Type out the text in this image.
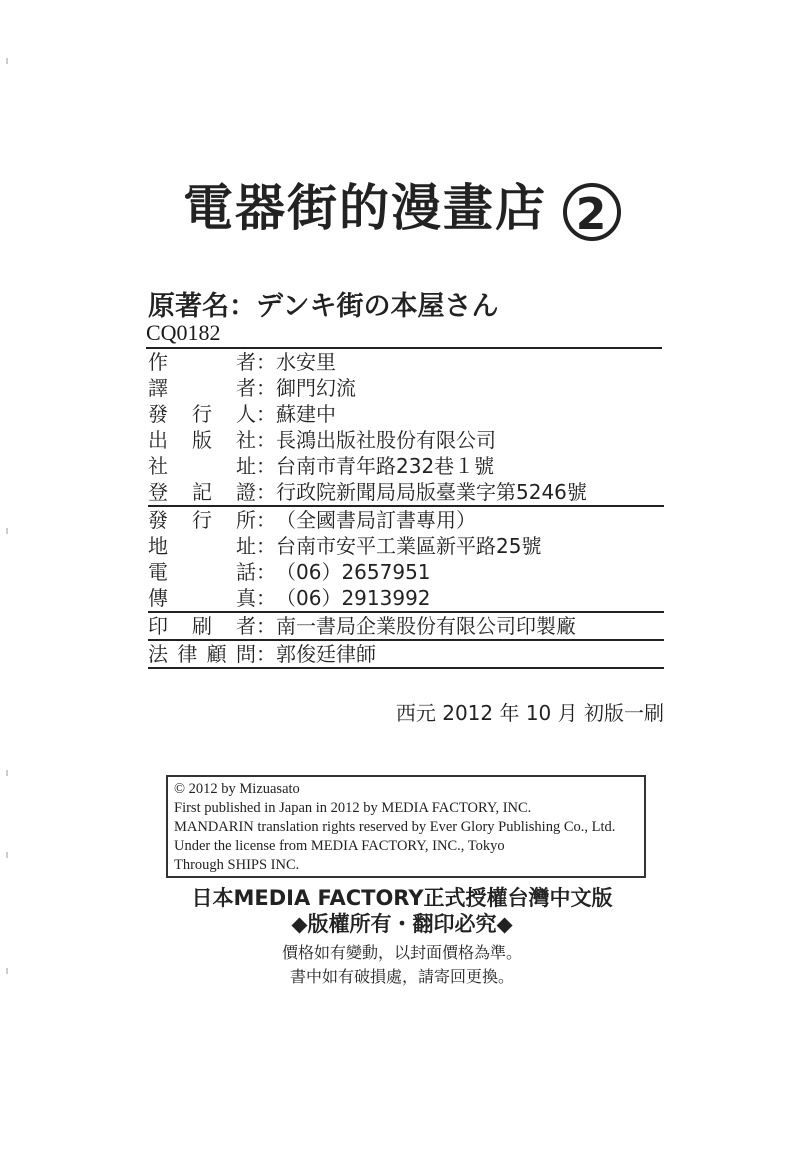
電器街的漫畫店 2
原著名：デンキ街の本屋さん
CQ0182
作	者 ： 水安里
譯	者 ： 御門幻流
發 行 人 ： 蘇建中
出 版 社 ： 長鴻出版社股份有限公司
社	址 ： 台南市青年路232巷１號
登 記 證 ： 行政院新聞局局版臺業字第5246號
發 行 所 ： （全國書局訂書專用）
地	址 ： 台南市安平工業區新平路25號
電	話 ： （06）2657951
傳	真 ： （06）2913992
印 刷 者 ： 南一書局企業股份有限公司印製廠
法 律 顧 問 ： 郭俊廷律師
西元 2012 年 10 月 初版一刷
© 2012 by Mizuasato
First published in Japan in 2012 by MEDIA FACTORY, INC.
MANDARIN translation rights reserved by Ever Glory Publishing Co., Ltd.
Under the license from MEDIA FACTORY, INC., Tokyo
Through SHIPS INC.
日本MEDIA FACTORY正式授權台灣中文版
◆版權所有・翻印必究◆
價格如有變動，以封面價格為準。
書中如有破損處，請寄回更換。
